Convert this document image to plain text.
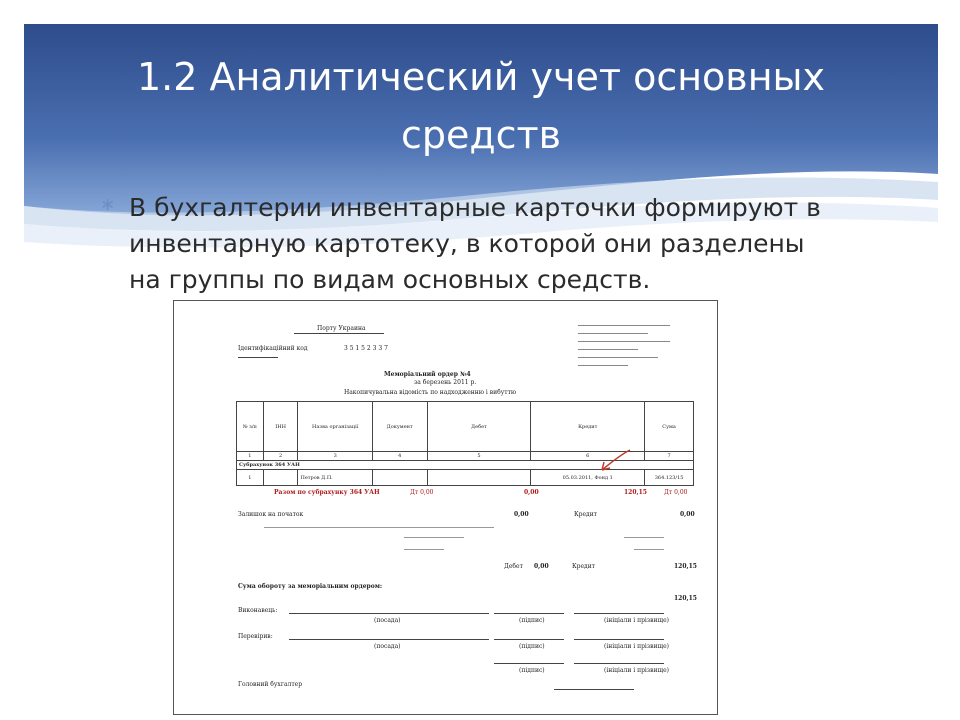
1.2 Аналитический учет основных
средств
∗ В бухгалтерии инвентарные карточки формируют в
инвентарную картотеку, в которой они разделены
на группы по видам основных средств.
Порту Украина
Ідентифікаційний код	3 5 1 5 2 3 3 7
Меморіальний ордер №4
за березень 2011 р.
Накопичувальна відомість по надходженню і вибуттю
№ з/п	ІНН	Назва організації	Документ	Дебет	Кредит	Сума
1	2	3	4	5	6	7
Субрахунок 364 УАН						
1		Петров Д.П.			05.03.2011, Фонд 1	364.123/15
Разом по субрахунку 364 УАН	Дт 0,00	0,00	120,15	Дт 0,00
Залишок на початок	0,00	Кредит	0,00
Дебет 0,00	Кредит	120,15
Сума обороту за меморіальним ордером:
120,15
Виконавець:
(посада)	(підпис)	(ініціали і прізвище)
Перевірив:
(посада)	(підпис)	(ініціали і прізвище)
(підпис)	(ініціали і прізвище)
Головний бухгалтер
